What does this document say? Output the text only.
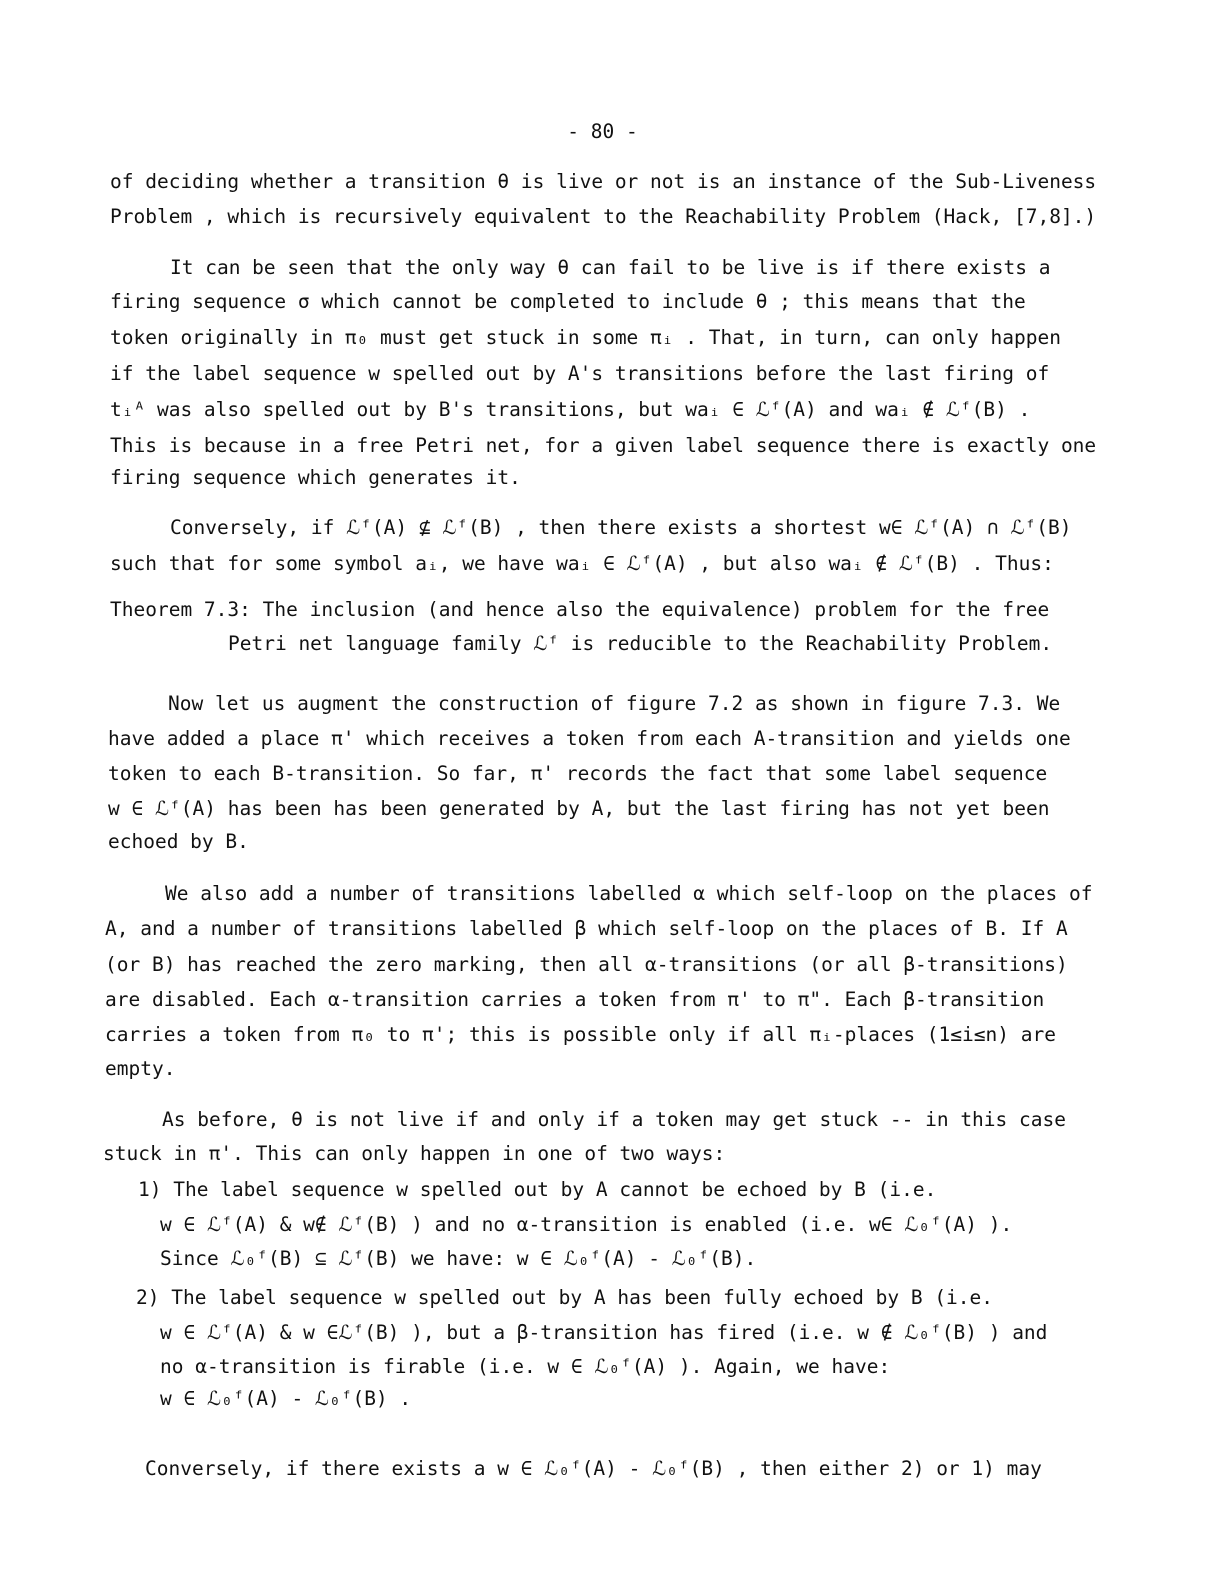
- 80 -
of deciding whether a transition θ is live or not is an instance of the Sub-Liveness
Problem , which is recursively equivalent to the Reachability Problem (Hack, [7,8].)
It can be seen that the only way θ can fail to be live is if there exists a
firing sequence σ which cannot be completed to include θ ; this means that the
token originally in π₀ must get stuck in some πᵢ . That, in turn, can only happen
if the label sequence w spelled out by A's transitions before the last firing of
tᵢᴬ was also spelled out by B's transitions, but waᵢ ∈ ℒᶠ(A) and waᵢ ∉ ℒᶠ(B) .
This is because in a free Petri net, for a given label sequence there is exactly one
firing sequence which generates it.
Conversely, if ℒᶠ(A) ⊈ ℒᶠ(B) , then there exists a shortest w∈ ℒᶠ(A) ∩ ℒᶠ(B)
such that for some symbol aᵢ, we have waᵢ ∈ ℒᶠ(A) , but also waᵢ ∉ ℒᶠ(B) . Thus:
Theorem 7.3: The inclusion (and hence also the equivalence) problem for the free
Petri net language family ℒᶠ is reducible to the Reachability Problem.
Now let us augment the construction of figure 7.2 as shown in figure 7.3. We
have added a place π' which receives a token from each A-transition and yields one
token to each B-transition. So far, π' records the fact that some label sequence
w ∈ ℒᶠ(A) has been has been generated by A, but the last firing has not yet been
echoed by B.
We also add a number of transitions labelled α which self-loop on the places of
A, and a number of transitions labelled β which self-loop on the places of B. If A
(or B) has reached the zero marking, then all α-transitions (or all β-transitions)
are disabled. Each α-transition carries a token from π' to π". Each β-transition
carries a token from π₀ to π'; this is possible only if all πᵢ-places (1≤i≤n) are
empty.
As before, θ is not live if and only if a token may get stuck -- in this case
stuck in π'. This can only happen in one of two ways:
1) The label sequence w spelled out by A cannot be echoed by B (i.e.
w ∈ ℒᶠ(A) & w∉ ℒᶠ(B) ) and no α-transition is enabled (i.e. w∈ ℒ₀ᶠ(A) ).
Since ℒ₀ᶠ(B) ⊆ ℒᶠ(B) we have: w ∈ ℒ₀ᶠ(A) - ℒ₀ᶠ(B).
2) The label sequence w spelled out by A has been fully echoed by B (i.e.
w ∈ ℒᶠ(A) & w ∈ℒᶠ(B) ), but a β-transition has fired (i.e. w ∉ ℒ₀ᶠ(B) ) and
no α-transition is firable (i.e. w ∈ ℒ₀ᶠ(A) ). Again, we have:
w ∈ ℒ₀ᶠ(A) - ℒ₀ᶠ(B) .
Conversely, if there exists a w ∈ ℒ₀ᶠ(A) - ℒ₀ᶠ(B) , then either 2) or 1) may
